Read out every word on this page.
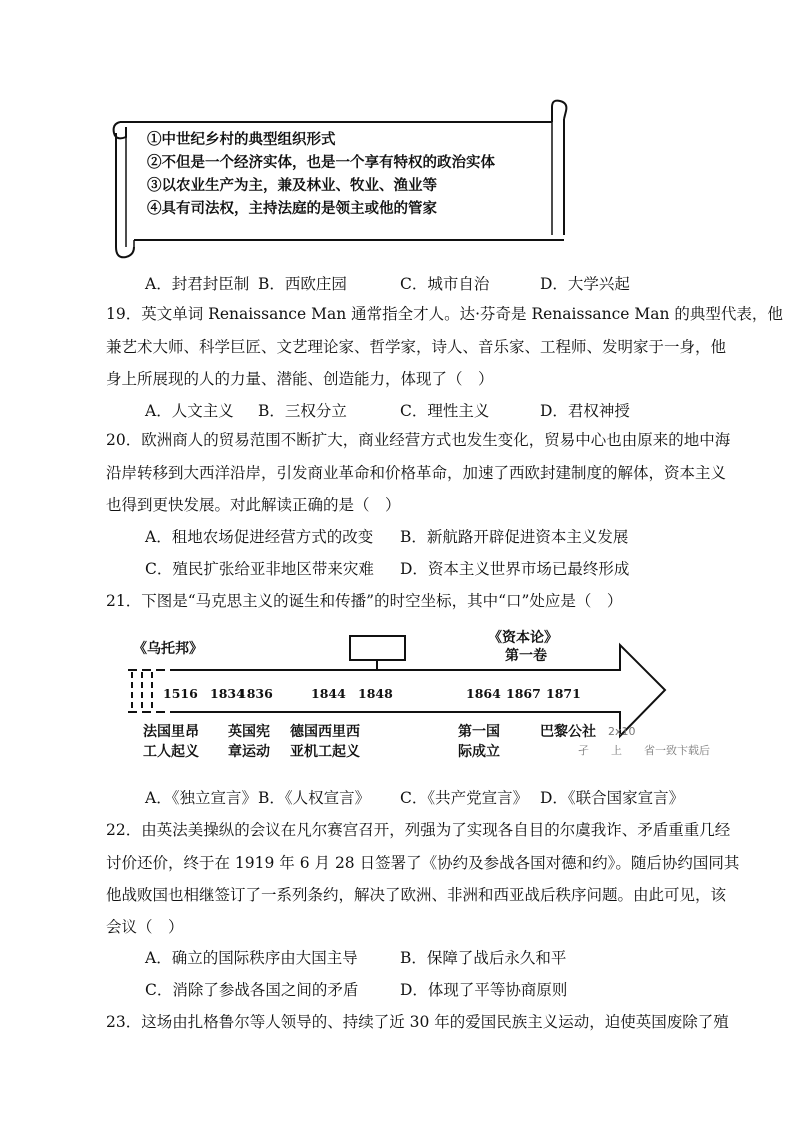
①中世纪乡村的典型组织形式
②不但是一个经济实体，也是一个享有特权的政治实体
③以农业生产为主，兼及林业、牧业、渔业等
④具有司法权，主持法庭的是领主或他的管家
A．封君封臣制 B．西欧庄园	C．城市自治	D．大学兴起
19．英文单词 Renaissance Man 通常指全才人。达·芬奇是 Renaissance Man 的典型代表，他
兼艺术大师、科学巨匠、文艺理论家、哲学家，诗人、音乐家、工程师、发明家于一身，他
身上所展现的人的力量、潜能、创造能力，体现了（　）
A．人文主义 B．三权分立	C．理性主义	D．君权神授
20．欧洲商人的贸易范围不断扩大，商业经营方式也发生变化，贸易中心也由原来的地中海
沿岸转移到大西洋沿岸，引发商业革命和价格革命，加速了西欧封建制度的解体，资本主义
也得到更快发展。对此解读正确的是（　）
A．租地农场促进经营方式的改变 B．新航路开辟促进资本主义发展
C．殖民扩张给亚非地区带来灾难 D．资本主义世界市场已最终形成
21．下图是“马克思主义的诞生和传播”的时空坐标，其中“口”处应是（　）
《乌托邦》
《资本论》
第一卷
1516 1834
1836	1844 1848	1864 1867 1871
法国里昂
工人起义
英国宪
章运动
德国西里西
亚机工起义
第一国
际成立
巴黎公社 2x10
孑　　上　　省一致卞载后
A．《独立宣言》 B．《人权宣言》 C．《共产党宣言》 D．《联合国家宣言》
22．由英法美操纵的会议在凡尔赛宫召开，列强为了实现各自目的尔虞我诈、矛盾重重几经
讨价还价，终于在 1919 年 6 月 28 日签署了《协约及参战各国对德和约》。随后协约国同其
他战败国也相继签订了一系列条约，解决了欧洲、非洲和西亚战后秩序问题。由此可见，该
会议（　）
A．确立的国际秩序由大国主导	B．保障了战后永久和平
C．消除了参战各国之间的矛盾	D．体现了平等协商原则
23．这场由扎格鲁尔等人领导的、持续了近 30 年的爱国民族主义运动，迫使英国废除了殖
